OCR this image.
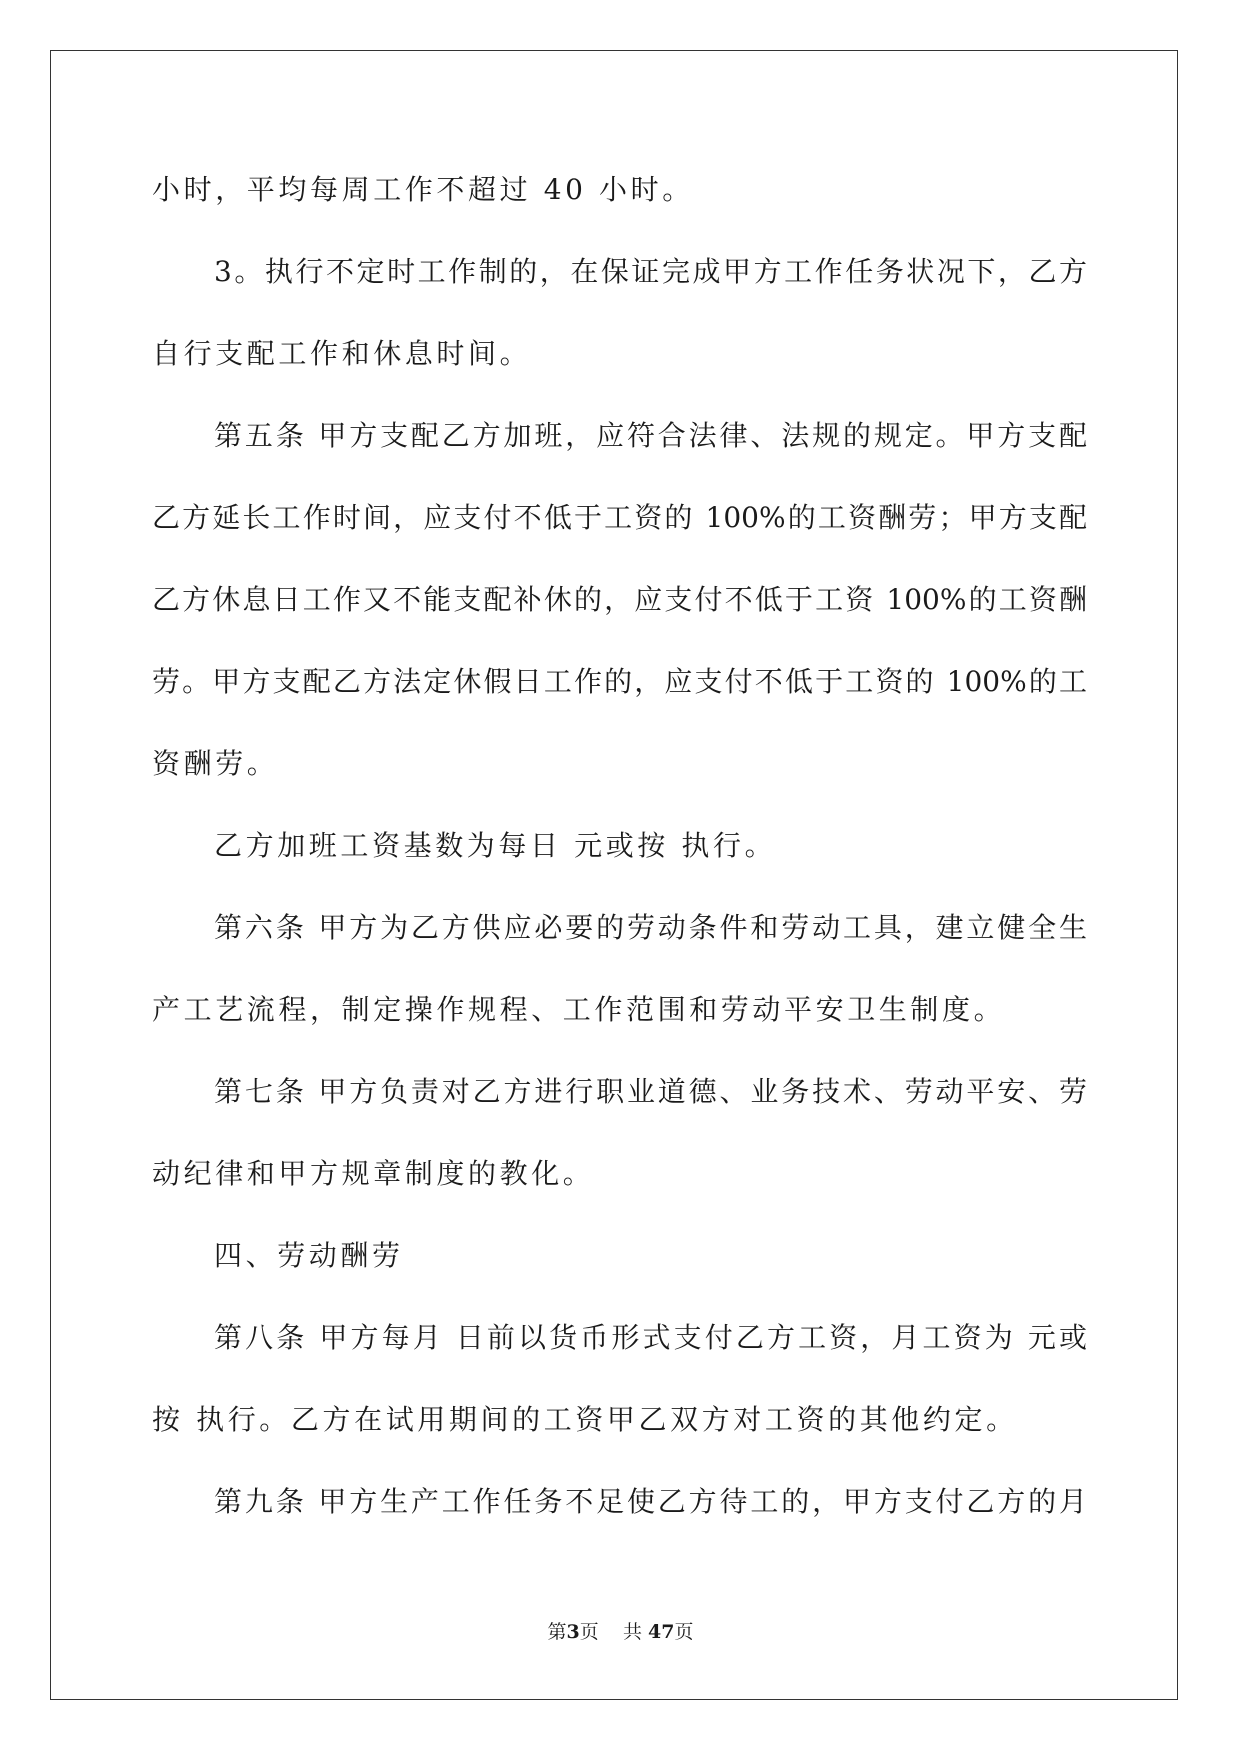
小时，平均每周工作不超过 40 小时。
3。执行不定时工作制的，在保证完成甲方工作任务状况下，乙方
自行支配工作和休息时间。
第五条 甲方支配乙方加班，应符合法律、法规的规定。甲方支配
乙方延长工作时间，应支付不低于工资的 100%的工资酬劳；甲方支配
乙方休息日工作又不能支配补休的，应支付不低于工资 100%的工资酬
劳。甲方支配乙方法定休假日工作的，应支付不低于工资的 100%的工
资酬劳。
乙方加班工资基数为每日 元或按 执行。
第六条 甲方为乙方供应必要的劳动条件和劳动工具，建立健全生
产工艺流程，制定操作规程、工作范围和劳动平安卫生制度。
第七条 甲方负责对乙方进行职业道德、业务技术、劳动平安、劳
动纪律和甲方规章制度的教化。
四、劳动酬劳
第八条 甲方每月 日前以货币形式支付乙方工资，月工资为 元或
按 执行。乙方在试用期间的工资甲乙双方对工资的其他约定。
第九条 甲方生产工作任务不足使乙方待工的，甲方支付乙方的月
第3页 共 47页
